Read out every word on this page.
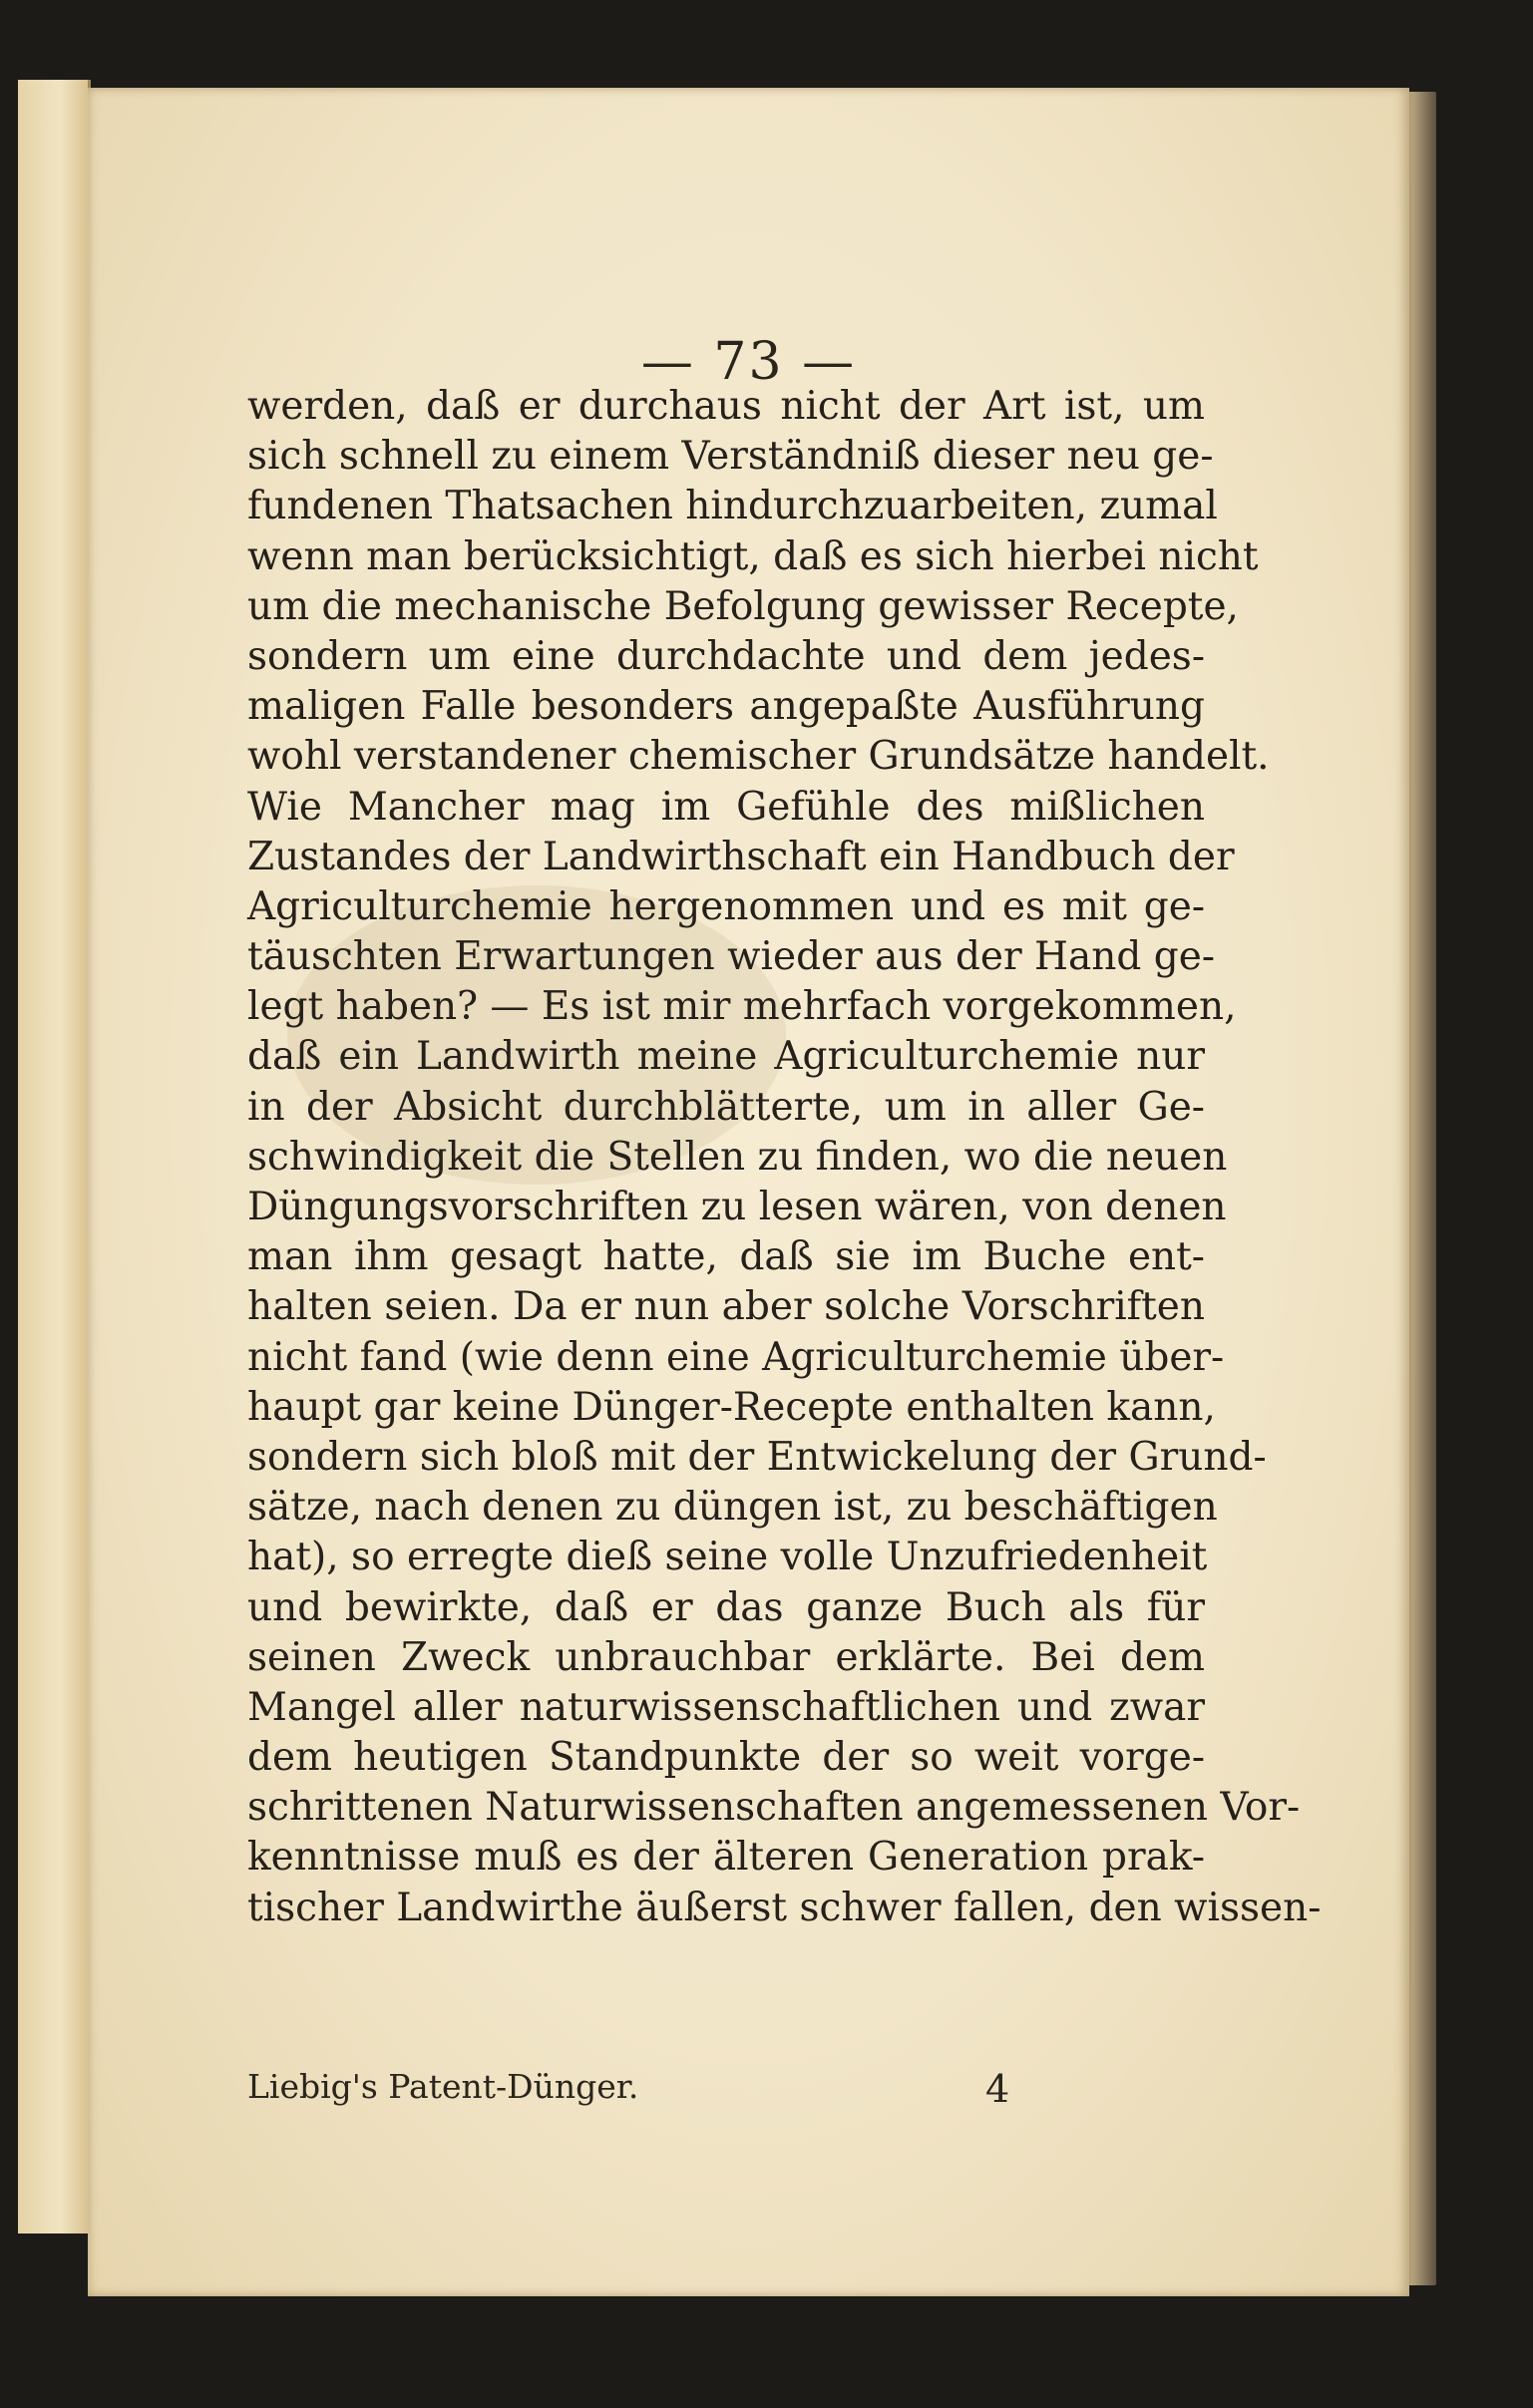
— 73 —
werden, daß er durchaus nicht der Art ist, um
sich schnell zu einem Verständniß dieser neu ge-
fundenen Thatsachen hindurchzuarbeiten, zumal
wenn man berücksichtigt, daß es sich hierbei nicht
um die mechanische Befolgung gewisser Recepte,
sondern um eine durchdachte und dem jedes-
maligen Falle besonders angepaßte Ausführung
wohl verstandener chemischer Grundsätze handelt.
Wie Mancher mag im Gefühle des mißlichen
Zustandes der Landwirthschaft ein Handbuch der
Agriculturchemie hergenommen und es mit ge-
täuschten Erwartungen wieder aus der Hand ge-
legt haben? — Es ist mir mehrfach vorgekommen,
daß ein Landwirth meine Agriculturchemie nur
in der Absicht durchblätterte, um in aller Ge-
schwindigkeit die Stellen zu finden, wo die neuen
Düngungsvorschriften zu lesen wären, von denen
man ihm gesagt hatte, daß sie im Buche ent-
halten seien. Da er nun aber solche Vorschriften
nicht fand (wie denn eine Agriculturchemie über-
haupt gar keine Dünger-Recepte enthalten kann,
sondern sich bloß mit der Entwickelung der Grund-
sätze, nach denen zu düngen ist, zu beschäftigen
hat), so erregte dieß seine volle Unzufriedenheit
und bewirkte, daß er das ganze Buch als für
seinen Zweck unbrauchbar erklärte. Bei dem
Mangel aller naturwissenschaftlichen und zwar
dem heutigen Standpunkte der so weit vorge-
schrittenen Naturwissenschaften angemessenen Vor-
kenntnisse muß es der älteren Generation prak-
tischer Landwirthe äußerst schwer fallen, den wissen-
Liebig's Patent-Dünger.	4
